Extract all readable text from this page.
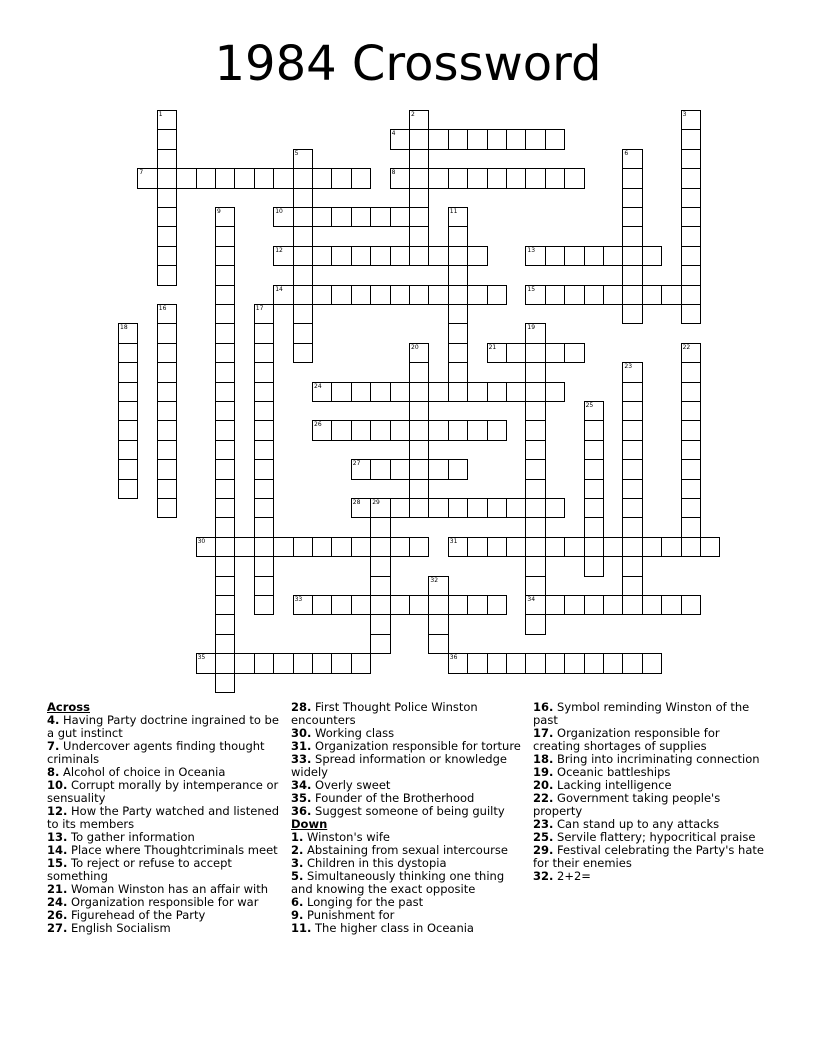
1984 Crossword
1	2	3
4
5	6
7	8
9	10	11
12	13
14	15
16	17
18	19
34
20	21	22
23
24
25
26
27
28 29
30	31
32
33
35	36
Across
4. Having Party doctrine ingrained to be a gut instinct
7. Undercover agents finding thought criminals
8. Alcohol of choice in Oceania
10. Corrupt morally by intemperance or sensuality
12. How the Party watched and listened to its members
13. To gather information
14. Place where Thoughtcriminals meet
15. To reject or refuse to accept something
21. Woman Winston has an affair with
24. Organization responsible for war
26. Figurehead of the Party
27. English Socialism
28. First Thought Police Winston encounters
30. Working class
31. Organization responsible for torture
33. Spread information or knowledge widely
34. Overly sweet
35. Founder of the Brotherhood
36. Suggest someone of being guilty
Down
1. Winston's wife
2. Abstaining from sexual intercourse
3. Children in this dystopia
5. Simultaneously thinking one thing and knowing the exact opposite
6. Longing for the past
9. Punishment for
11. The higher class in Oceania
16. Symbol reminding Winston of the past
17. Organization responsible for creating shortages of supplies
18. Bring into incriminating connection
19. Oceanic battleships
20. Lacking intelligence
22. Government taking people's property
23. Can stand up to any attacks
25. Servile flattery; hypocritical praise
29. Festival celebrating the Party's hate for their enemies
32. 2+2=
